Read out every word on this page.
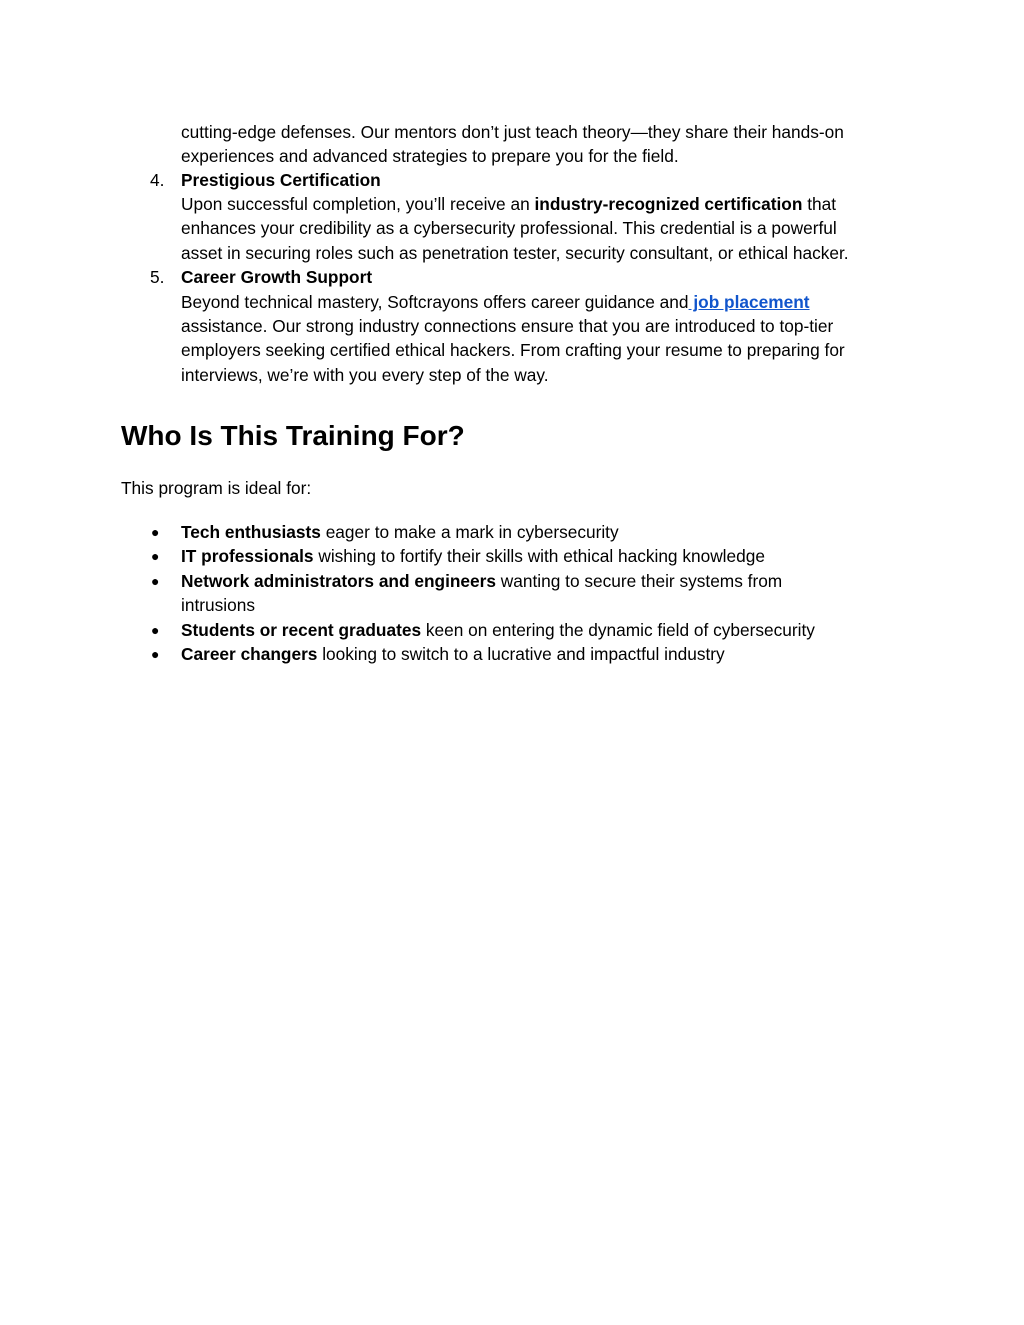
cutting-edge defenses. Our mentors don’t just teach theory—they share their hands-on
experiences and advanced strategies to prepare you for the field.
4. Prestigious Certification
Upon successful completion, you’ll receive an industry-recognized certification that
enhances your credibility as a cybersecurity professional. This credential is a powerful
asset in securing roles such as penetration tester, security consultant, or ethical hacker.
5. Career Growth Support
Beyond technical mastery, Softcrayons offers career guidance and job placement
assistance. Our strong industry connections ensure that you are introduced to top-tier
employers seeking certified ethical hackers. From crafting your resume to preparing for
interviews, we’re with you every step of the way.
Who Is This Training For?
This program is ideal for:
● Tech enthusiasts eager to make a mark in cybersecurity
● IT professionals wishing to fortify their skills with ethical hacking knowledge
● Network administrators and engineers wanting to secure their systems from
intrusions
● Students or recent graduates keen on entering the dynamic field of cybersecurity
● Career changers looking to switch to a lucrative and impactful industry
